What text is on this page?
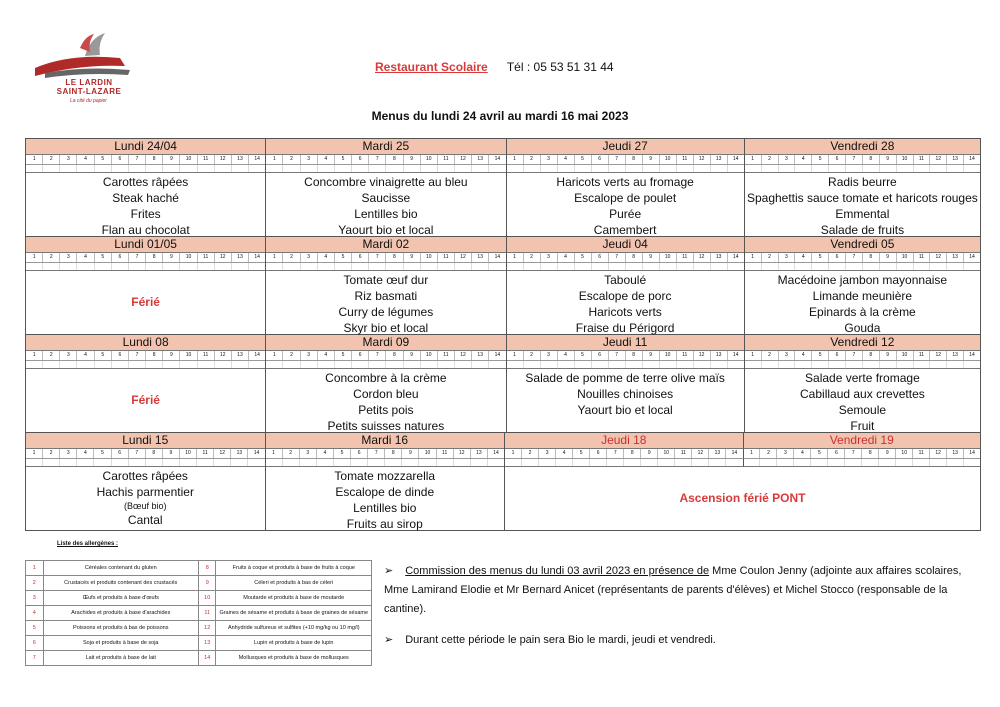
LE LARDIN
SAINT-LAZARE
La cité du papier
Restaurant Scolaire Tél : 05 53 51 31 44
Menus du lundi 24 avril au mardi 16 mai 2023
Lundi 24/04
1	2	3	4	5	6	7	8	9	10	11	12	13	14
Carottes râpées
Steak haché
Frites
Flan au chocolat
Mardi 25
1	2	3	4	5	6	7	8	9	10	11	12	13	14
Concombre vinaigrette au bleu
Saucisse
Lentilles bio
Yaourt bio et local
Jeudi 27
1	2	3	4	5	6	7	8	9	10	11	12	13	14
Haricots verts au fromage
Escalope de poulet
Purée
Camembert
Vendredi 28
1	2	3	4	5	6	7	8	9	10	11	12	13	14
Radis beurre
Spaghettis sauce tomate et haricots rouges
Emmental
Salade de fruits
Lundi 01/05
1	2	3	4	5	6	7	8	9	10	11	12	13	14
Férié
Mardi 02
1	2	3	4	5	6	7	8	9	10	11	12	13	14
Tomate œuf dur
Riz basmati
Curry de légumes
Skyr bio et local
Jeudi 04
1	2	3	4	5	6	7	8	9	10	11	12	13	14
Taboulé
Escalope de porc
Haricots verts
Fraise du Périgord
Vendredi 05
1	2	3	4	5	6	7	8	9	10	11	12	13	14
Macédoine jambon mayonnaise
Limande meunière
Epinards à la crème
Gouda
Lundi 08
1	2	3	4	5	6	7	8	9	10	11	12	13	14
Férié
Mardi 09
1	2	3	4	5	6	7	8	9	10	11	12	13	14
Concombre à la crème
Cordon bleu
Petits pois
Petits suisses natures
Jeudi 11
1	2	3	4	5	6	7	8	9	10	11	12	13	14
Salade de pomme de terre olive maïs
Nouilles chinoises
Yaourt bio et local
Vendredi 12
1	2	3	4	5	6	7	8	9	10	11	12	13	14
Salade verte fromage
Cabillaud aux crevettes
Semoule
Fruit
Lundi 15
1	2	3	4	5	6	7	8	9	10	11	12	13	14
Carottes râpées
Hachis parmentier
(Bœuf bio)
Cantal
Mardi 16
1	2	3	4	5	6	7	8	9	10	11	12	13	14
Tomate mozzarella
Escalope de dinde
Lentilles bio
Fruits au sirop
Jeudi 18	Vendredi 19
1	2	3	4	5	6	7	8	9	10	11	12	13	14	1	2	3	4	5	6	7	8	9	10	11	12	13	14
Ascension férié PONT
Liste des allergènes :
1	Céréales contenant du gluten	8	Fruits à coque et produits à base de fruits à coque
2	Crustacés et produits contenant des crustacés	9	Céleri et produits à bas de céleri
3	Œufs et produits à base d'œufs	10	Moutarde et produits à base de moutarde
4	Arachides et produits à base d'arachides	11	Graines de sésame et produits à base de graines de sésame
5	Poissons et produits à bas de poissons	12	Anhydride sulfureux et sulfites (+10 mg/kg ou 10 mg/l)
6	Soja et produits à base de soja	13	Lupin et produits à base de lupin
7	Lait et produits à base de lait	14	Mollusques et produits à base de mollusques
➢ Commission des menus du lundi 03 avril 2023 en présence de Mme Coulon Jenny (adjointe aux affaires scolaires, Mme Lamirand Elodie et Mr Bernard Anicet (représentants de parents d'élèves) et Michel Stocco (responsable de la cantine).
➢ Durant cette période le pain sera Bio le mardi, jeudi et vendredi.
